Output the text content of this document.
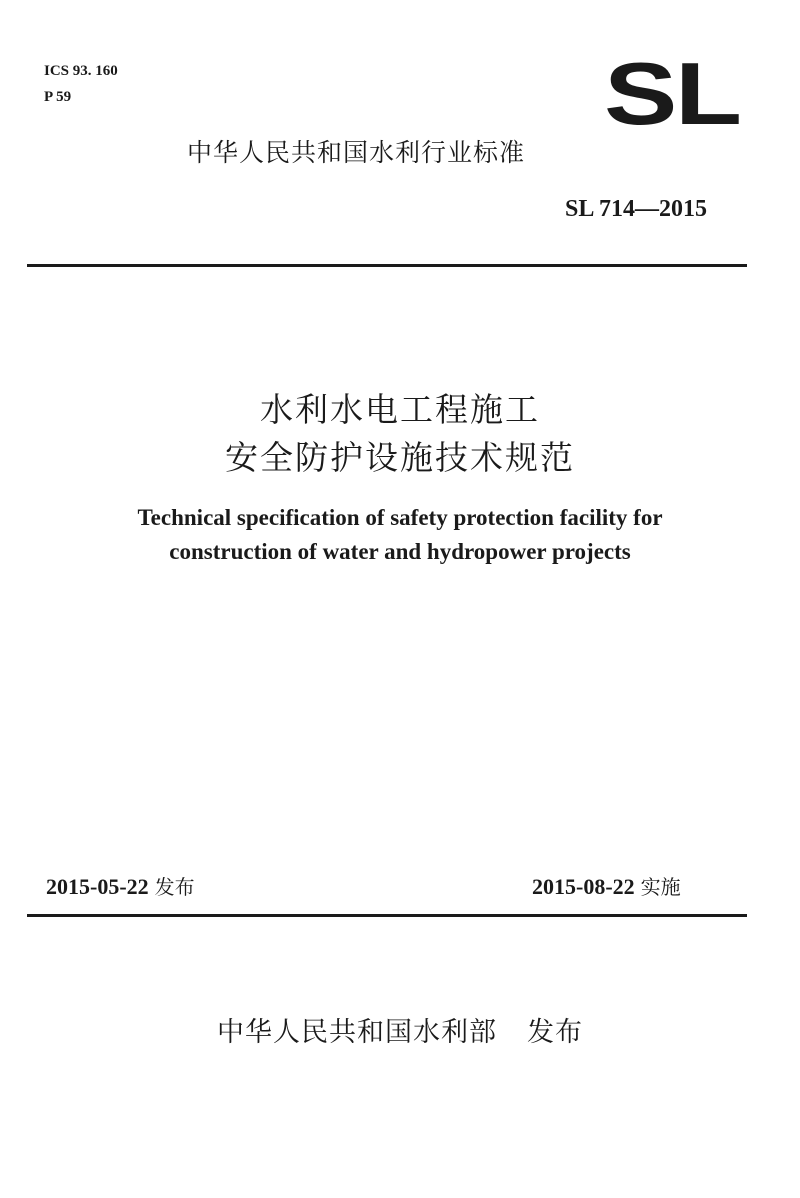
ICS 93. 160
P 59	SL
中华人民共和国水利行业标准
SL 714—2015
水利水电工程施工
安全防护设施技术规范
Technical specification of safety protection facility for
construction of water and hydropower projects
2015-05-22 发布	2015-08-22 实施
中华人民共和国水利部 发布
